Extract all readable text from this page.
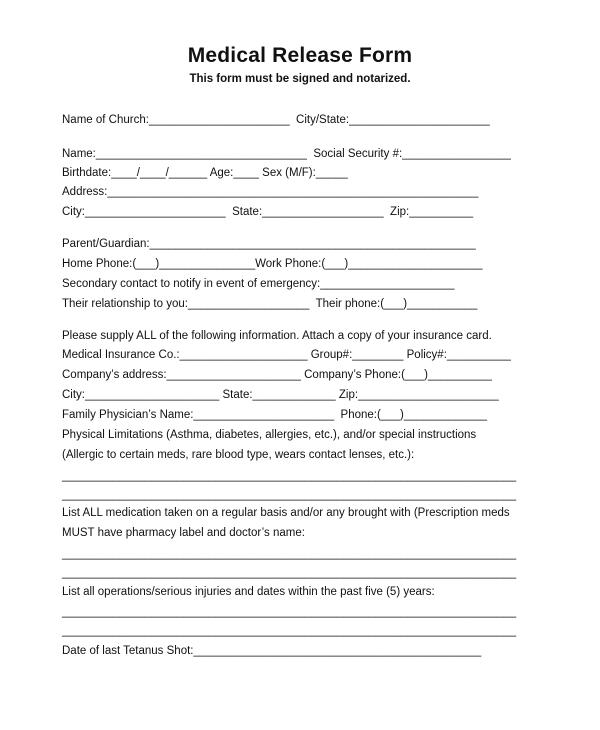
Medical Release Form
This form must be signed and notarized.
Name of Church:______________________  City/State:______________________
Name:_________________________________  Social Security #:_________________
Birthdate:____/____/______ Age:____ Sex (M/F):_____
Address:__________________________________________________________
City:______________________  State:___________________  Zip:__________
Parent/Guardian:___________________________________________________
Home Phone:(___)_______________Work Phone:(___)_____________________
Secondary contact to notify in event of emergency:_____________________
Their relationship to you:___________________  Their phone:(___)___________
Please supply ALL of the following information. Attach a copy of your insurance card.
Medical Insurance Co.:____________________ Group#:________ Policy#:__________
Company’s address:_____________________ Company’s Phone:(___)__________
City:_____________________ State:_____________ Zip:______________________
Family Physician’s Name:______________________  Phone:(___)_____________
Physical Limitations (Asthma, diabetes, allergies, etc.), and/or special instructions
(Allergic to certain meds, rare blood type, wears contact lenses, etc.):
_______________________________________________________________________
_______________________________________________________________________
List ALL medication taken on a regular basis and/or any brought with (Prescription meds
MUST have pharmacy label and doctor’s name:
_______________________________________________________________________
_______________________________________________________________________
List all operations/serious injuries and dates within the past five (5) years:
_______________________________________________________________________
_______________________________________________________________________
Date of last Tetanus Shot:_____________________________________________
